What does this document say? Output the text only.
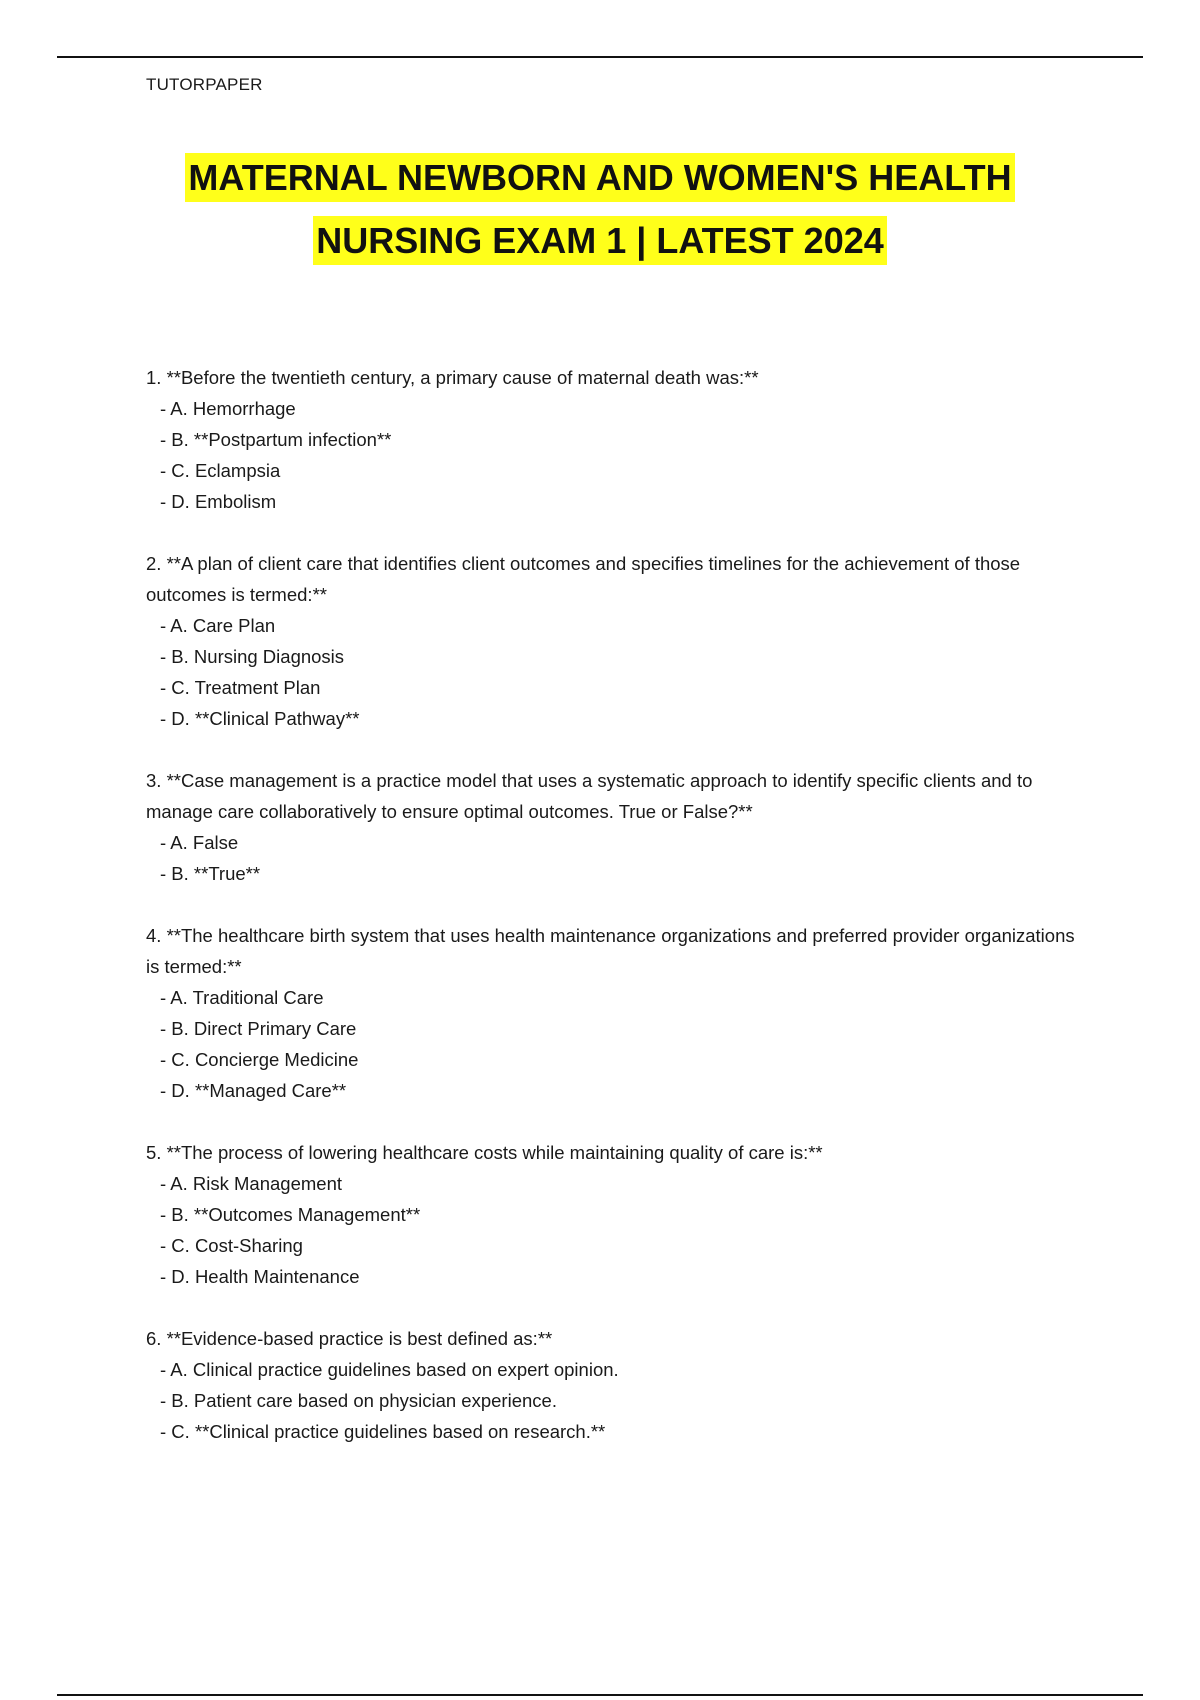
TUTORPAPER
MATERNAL NEWBORN AND WOMEN'S HEALTH
NURSING EXAM 1 | LATEST 2024
1. **Before the twentieth century, a primary cause of maternal death was:**
- A. Hemorrhage
- B. **Postpartum infection**
- C. Eclampsia
- D. Embolism
2. **A plan of client care that identifies client outcomes and specifies timelines for the achievement of those outcomes is termed:**
- A. Care Plan
- B. Nursing Diagnosis
- C. Treatment Plan
- D. **Clinical Pathway**
3. **Case management is a practice model that uses a systematic approach to identify specific clients and to manage care collaboratively to ensure optimal outcomes. True or False?**
- A. False
- B. **True**
4. **The healthcare birth system that uses health maintenance organizations and preferred provider organizations is termed:**
- A. Traditional Care
- B. Direct Primary Care
- C. Concierge Medicine
- D. **Managed Care**
5. **The process of lowering healthcare costs while maintaining quality of care is:**
- A. Risk Management
- B. **Outcomes Management**
- C. Cost-Sharing
- D. Health Maintenance
6. **Evidence-based practice is best defined as:**
- A. Clinical practice guidelines based on expert opinion.
- B. Patient care based on physician experience.
- C. **Clinical practice guidelines based on research.**
